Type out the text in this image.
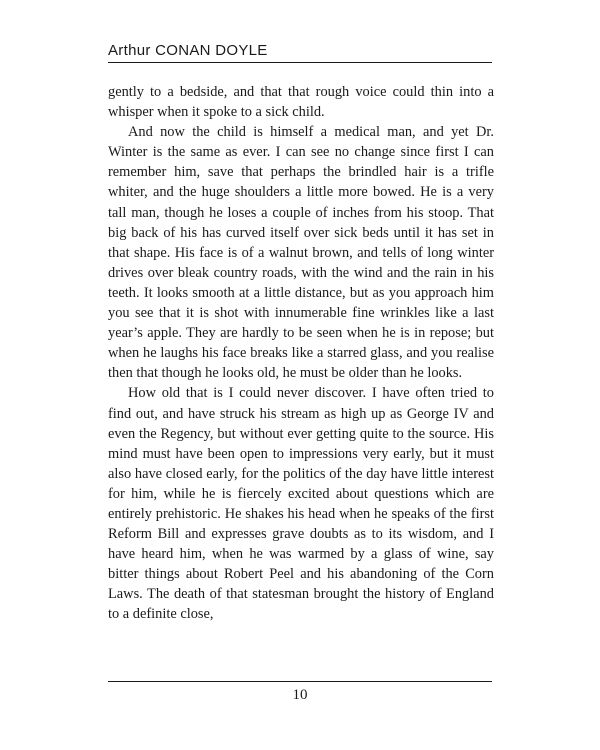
Arthur CONAN DOYLE

gently to a bedside, and that that rough voice could thin into a whisper when it spoke to a sick child.

And now the child is himself a medical man, and yet Dr. Winter is the same as ever. I can see no change since first I can remember him, save that perhaps the brindled hair is a trifle whiter, and the huge shoulders a little more bowed. He is a very tall man, though he loses a couple of inches from his stoop. That big back of his has curved itself over sick beds until it has set in that shape. His face is of a walnut brown, and tells of long winter drives over bleak country roads, with the wind and the rain in his teeth. It looks smooth at a little distance, but as you approach him you see that it is shot with innumerable fine wrinkles like a last year’s apple. They are hardly to be seen when he is in repose; but when he laughs his face breaks like a starred glass, and you realise then that though he looks old, he must be older than he looks.

How old that is I could never discover. I have often tried to find out, and have struck his stream as high up as George IV and even the Regency, but without ever getting quite to the source. His mind must have been open to impressions very early, but it must also have closed early, for the politics of the day have little interest for him, while he is fiercely excited about questions which are entirely prehistoric. He shakes his head when he speaks of the first Reform Bill and expresses grave doubts as to its wisdom, and I have heard him, when he was warmed by a glass of wine, say bitter things about Robert Peel and his abandoning of the Corn Laws. The death of that statesman brought the history of England to a definite close,

10
